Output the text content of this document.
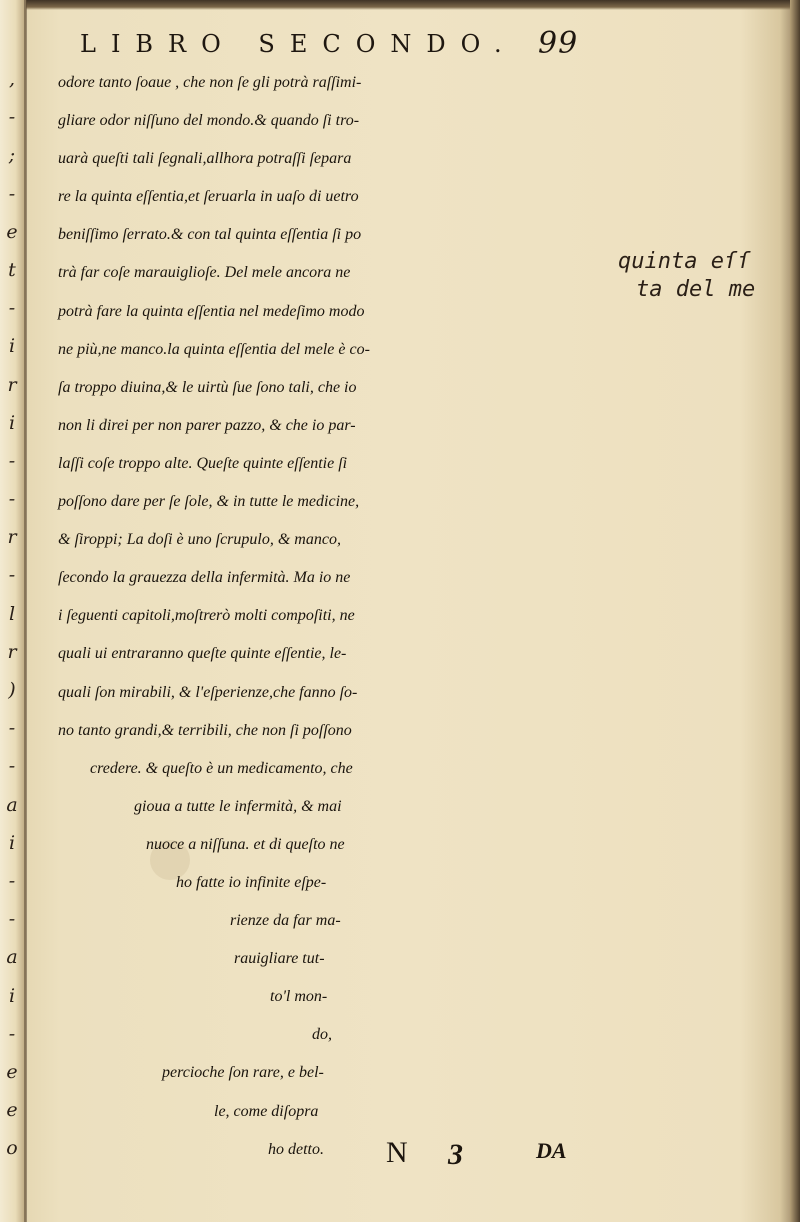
,
-
;
-
e
t
-
i
r
i
-
-
r
-
l
r
)
-
-
a
i
-
-
a
i
-
e
e
o
LIBRO SECONDO. 99
odore tanto ſoaue , che non ſe gli potrà raſſimi-
gliare odor niſſuno del mondo.& quando ſi tro-
uarà queſti tali ſegnali,allhora potraſſi ſepara
re la quinta eſſentia,et ſeruarla in uaſo di uetro
beniſſimo ſerrato.& con tal quinta eſſentia ſi po
trà far coſe marauiglioſe. Del mele ancora ne
potrà fare la quinta eſſentia nel medeſimo modo
ne più,ne manco.la quinta eſſentia del mele è co-
ſa troppo diuina,& le uirtù ſue ſono tali, che io
non li direi per non parer pazzo, & che io par-
laſſi coſe troppo alte. Queſte quinte eſſentie ſi
poſſono dare per ſe ſole, & in tutte le medicine,
& ſiroppi; La doſi è uno ſcrupulo, & manco,
ſecondo la grauezza della infermità. Ma io ne
i ſeguenti capitoli,moſtrerò molti compoſiti, ne
quali ui entraranno queſte quinte eſſentie, le-
quali ſon mirabili, & l'eſperienze,che fanno ſo-
no tanto grandi,& terribili, che non ſi poſſono
credere. & queſto è un medicamento, che
gioua a tutte le infermità, & mai
nuoce a niſſuna. et di queſto ne
ho fatte io infinite eſpe-
rienze da far ma-
rauigliare tut-
to'l mon-
do,
percioche ſon rare, e bel-
le, come diſopra
ho detto.
quinta eſſ
ta del me
N 3	DA
